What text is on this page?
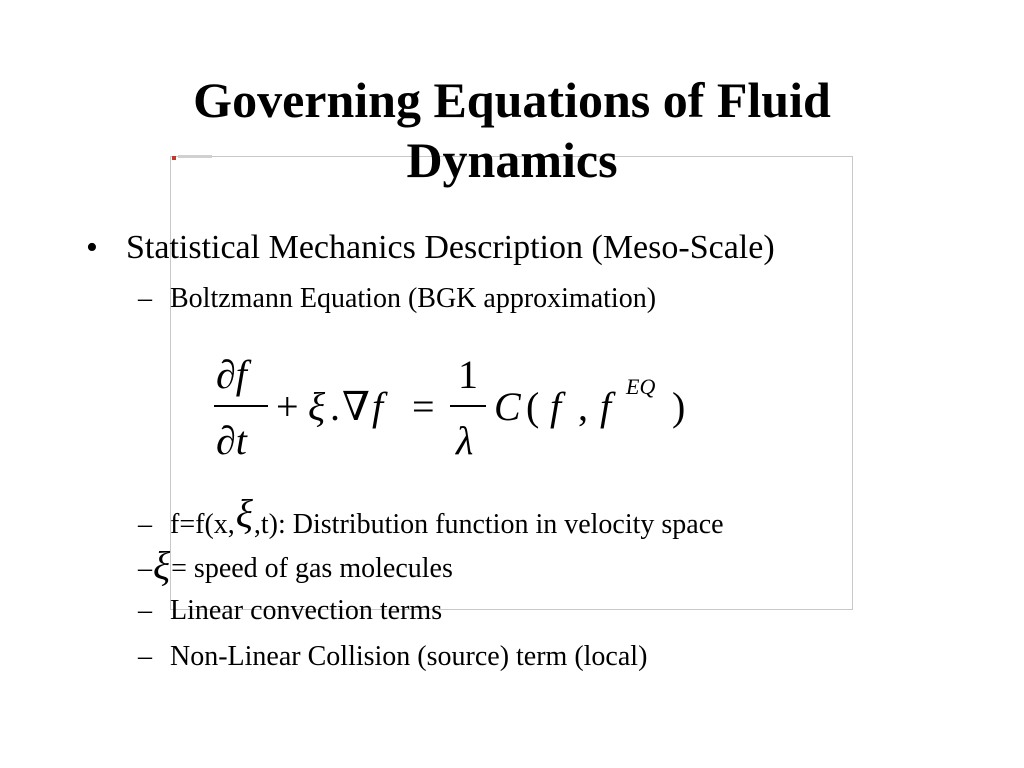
Governing Equations of Fluid Dynamics
• Statistical Mechanics Description (Meso-Scale)
– Boltzmann Equation (BGK approximation)
∂f
∂t
+ ξ . ∇ f =
1
λ
C ( f , f EQ )
– f=f(x,ξ,t): Distribution function in velocity space
–ξ= speed of gas molecules
– Linear convection terms
– Non-Linear Collision (source) term (local)
